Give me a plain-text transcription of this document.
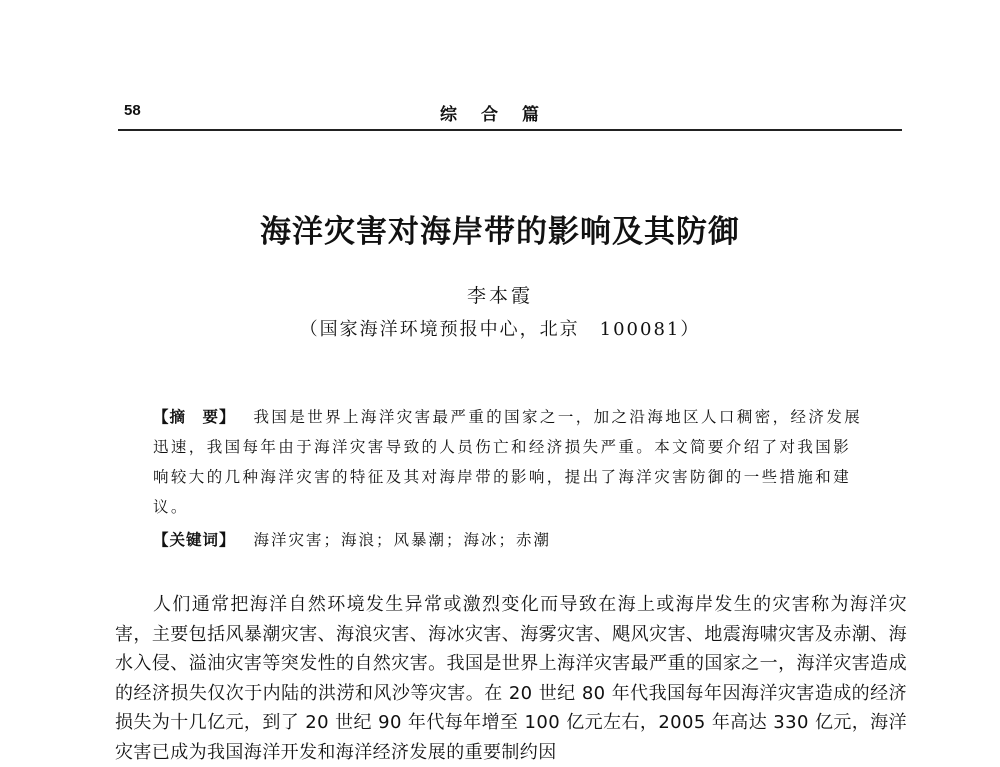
58	综合篇
海洋灾害对海岸带的影响及其防御
李本霞
（国家海洋环境预报中心，北京　100081）
【摘　要】 我国是世界上海洋灾害最严重的国家之一，加之沿海地区人口稠密，经济发展迅速，我国每年由于海洋灾害导致的人员伤亡和经济损失严重。本文简要介绍了对我国影响较大的几种海洋灾害的特征及其对海岸带的影响，提出了海洋灾害防御的一些措施和建议。
【关键词】 海洋灾害；海浪；风暴潮；海冰；赤潮
人们通常把海洋自然环境发生异常或激烈变化而导致在海上或海岸发生的灾害称为海洋灾害，主要包括风暴潮灾害、海浪灾害、海冰灾害、海雾灾害、飓风灾害、地震海啸灾害及赤潮、海水入侵、溢油灾害等突发性的自然灾害。我国是世界上海洋灾害最严重的国家之一，海洋灾害造成的经济损失仅次于内陆的洪涝和风沙等灾害。在 20 世纪 80 年代我国每年因海洋灾害造成的经济损失为十几亿元，到了 20 世纪 90 年代每年增至 100 亿元左右，2005 年高达 330 亿元，海洋灾害已成为我国海洋开发和海洋经济发展的重要制约因
